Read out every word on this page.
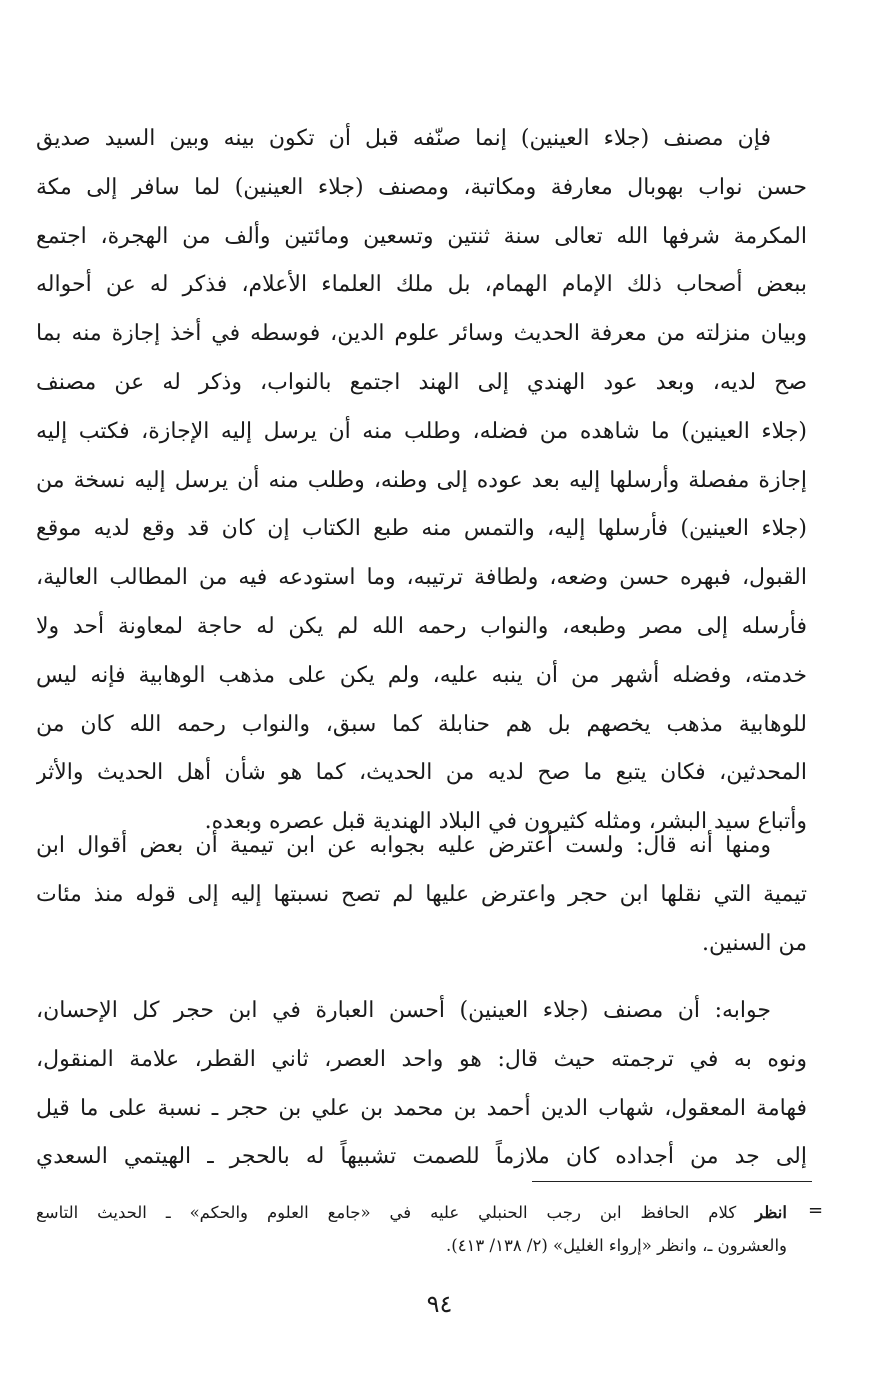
فإن مصنف (جلاء العينين) إنما صنّفه قبل أن تكون بينه وبين السيد صديق
حسن نواب بهوبال معارفة ومكاتبة، ومصنف (جلاء العينين) لما سافر إلى مكة
المكرمة شرفها الله تعالى سنة ثنتين وتسعين ومائتين وألف من الهجرة، اجتمع
ببعض أصحاب ذلك الإمام الهمام، بل ملك العلماء الأعلام، فذكر له عن أحواله
وبيان منزلته من معرفة الحديث وسائر علوم الدين، فوسطه في أخذ إجازة منه بما
صح لديه، وبعد عود الهندي إلى الهند اجتمع بالنواب، وذكر له عن مصنف
(جلاء العينين) ما شاهده من فضله، وطلب منه أن يرسل إليه الإجازة، فكتب إليه
إجازة مفصلة وأرسلها إليه بعد عوده إلى وطنه، وطلب منه أن يرسل إليه نسخة من
(جلاء العينين) فأرسلها إليه، والتمس منه طبع الكتاب إن كان قد وقع لديه موقع
القبول، فبهره حسن وضعه، ولطافة ترتيبه، وما استودعه فيه من المطالب العالية،
فأرسله إلى مصر وطبعه، والنواب رحمه الله لم يكن له حاجة لمعاونة أحد ولا
خدمته، وفضله أشهر من أن ينبه عليه، ولم يكن على مذهب الوهابية فإنه ليس
للوهابية مذهب يخصهم بل هم حنابلة كما سبق، والنواب رحمه الله كان من
المحدثين، فكان يتبع ما صح لديه من الحديث، كما هو شأن أهل الحديث والأثر
وأتباع سيد البشر، ومثله كثيرون في البلاد الهندية قبل عصره وبعده.
ومنها أنه قال: ولست أعترض عليه بجوابه عن ابن تيمية أن بعض أقوال ابن
تيمية التي نقلها ابن حجر واعترض عليها لم تصح نسبتها إليه إلى قوله منذ مئات
من السنين.
جوابه: أن مصنف (جلاء العينين) أحسن العبارة في ابن حجر كل الإحسان،
ونوه به في ترجمته حيث قال: هو واحد العصر، ثاني القطر، علامة المنقول،
فهامة المعقول، شهاب الدين أحمد بن محمد بن علي بن حجر ـ نسبة على ما قيل
إلى جد من أجداده كان ملازماً للصمت تشبيهاً له بالحجر ـ الهيتمي السعدي
=
انظر كلام الحافظ ابن رجب الحنبلي عليه في «جامع العلوم والحكم» ـ الحديث التاسع
والعشرون ـ، وانظر «إرواء الغليل» (٢/ ١٣٨/ ٤١٣).
٩٤
